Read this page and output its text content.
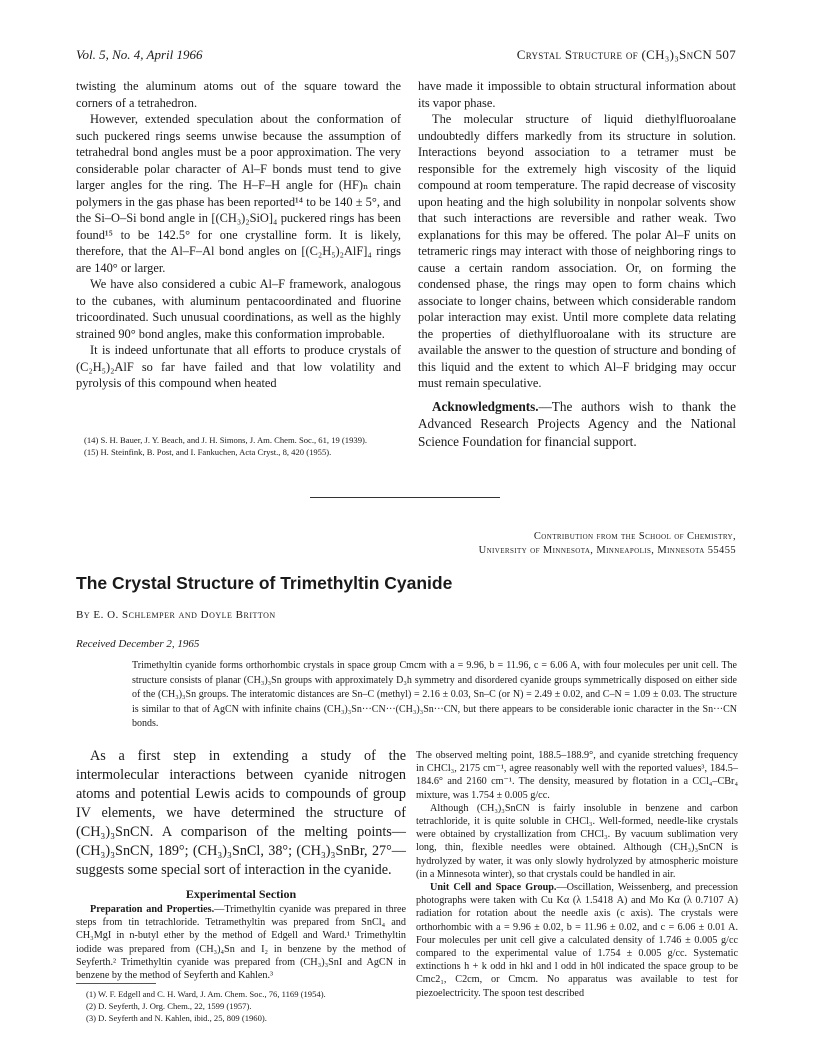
Vol. 5, No. 4, April 1966	Crystal Structure of (CH₃)₃SnCN 507

twisting the aluminum atoms out of the square toward the corners of a tetrahedron.

However, extended speculation about the conformation of such puckered rings seems unwise because the assumption of tetrahedral bond angles must be a poor approximation. The very considerable polar character of Al–F bonds must tend to give larger angles for the ring. The H–F–H angle for (HF)ₙ chain polymers in the gas phase has been reported¹⁴ to be 140 ± 5°, and the Si–O–Si bond angle in [(CH₃)₂SiO]₄ puckered rings has been found¹⁵ to be 142.5° for one crystalline form. It is likely, therefore, that the Al–F–Al bond angles on [(C₂H₅)₂AlF]₄ rings are 140° or larger.

We have also considered a cubic Al–F framework, analogous to the cubanes, with aluminum pentacoordinated and fluorine tricoordinated. Such unusual coordinations, as well as the highly strained 90° bond angles, make this conformation improbable.

It is indeed unfortunate that all efforts to produce crystals of (C₂H₅)₂AlF so far have failed and that low volatility and pyrolysis of this compound when heated

(14) S. H. Bauer, J. Y. Beach, and J. H. Simons, J. Am. Chem. Soc., 61, 19 (1939).

(15) H. Steinfink, B. Post, and I. Fankuchen, Acta Cryst., 8, 420 (1955).

have made it impossible to obtain structural information about its vapor phase.

The molecular structure of liquid diethylfluoroalane undoubtedly differs markedly from its structure in solution. Interactions beyond association to a tetramer must be responsible for the extremely high viscosity of the liquid compound at room temperature. The rapid decrease of viscosity upon heating and the high solubility in nonpolar solvents show that such interactions are reversible and rather weak. Two explanations for this may be offered. The polar Al–F units on tetrameric rings may interact with those of neighboring rings to cause a certain random association. Or, on forming the condensed phase, the rings may open to form chains which associate to longer chains, between which considerable random polar interaction may exist. Until more complete data relating the properties of diethylfluoroalane with its structure are available the answer to the question of structure and bonding of this liquid and the extent to which Al–F bridging may occur must remain speculative.

Acknowledgments.—The authors wish to thank the Advanced Research Projects Agency and the National Science Foundation for financial support.

Contribution from the School of Chemistry,
University of Minnesota, Minneapolis, Minnesota 55455
The Crystal Structure of Trimethyltin Cyanide
By E. O. Schlemper and Doyle Britton
Received December 2, 1965
Trimethyltin cyanide forms orthorhombic crystals in space group Cmcm with a = 9.96, b = 11.96, c = 6.06 A, with four molecules per unit cell. The structure consists of planar (CH₃)₃Sn groups with approximately D₃h symmetry and disordered cyanide groups symmetrically disposed on either side of the (CH₃)₃Sn groups. The interatomic distances are Sn–C (methyl) = 2.16 ± 0.03, Sn–C (or N) = 2.49 ± 0.02, and C–N = 1.09 ± 0.03. The structure is similar to that of AgCN with infinite chains (CH₃)₃Sn···CN···(CH₃)₃Sn···CN, but there appears to be considerable ionic character in the Sn···CN bonds.

As a first step in extending a study of the intermolecular interactions between cyanide nitrogen atoms and potential Lewis acids to compounds of group IV elements, we have determined the structure of (CH₃)₃SnCN. A comparison of the melting points—(CH₃)₃SnCN, 189°; (CH₃)₃SnCl, 38°; (CH₃)₃SnBr, 27°—suggests some special sort of interaction in the cyanide.

Experimental Section

Preparation and Properties.—Trimethyltin cyanide was prepared in three steps from tin tetrachloride. Tetramethyltin was prepared from SnCl₄ and CH₃MgI in n-butyl ether by the method of Edgell and Ward.¹ Trimethyltin iodide was prepared from (CH₃)₄Sn and I₂ in benzene by the method of Seyferth.² Trimethyltin cyanide was prepared from (CH₃)₃SnI and AgCN in benzene by the method of Seyferth and Kahlen.³

(1) W. F. Edgell and C. H. Ward, J. Am. Chem. Soc., 76, 1169 (1954).

(2) D. Seyferth, J. Org. Chem., 22, 1599 (1957).

(3) D. Seyferth and N. Kahlen, ibid., 25, 809 (1960).

The observed melting point, 188.5–188.9°, and cyanide stretching frequency in CHCl₃, 2175 cm⁻¹, agree reasonably well with the reported values³, 184.5–184.6° and 2160 cm⁻¹. The density, measured by flotation in a CCl₄–CBr₄ mixture, was 1.754 ± 0.005 g/cc.

Although (CH₃)₃SnCN is fairly insoluble in benzene and carbon tetrachloride, it is quite soluble in CHCl₃. Well-formed, needle-like crystals were obtained by crystallization from CHCl₃. By vacuum sublimation very long, thin, flexible needles were obtained. Although (CH₃)₃SnCN is hydrolyzed by water, it was only slowly hydrolyzed by atmospheric moisture (in a Minnesota winter), so that crystals could be handled in air.

Unit Cell and Space Group.—Oscillation, Weissenberg, and precession photographs were taken with Cu Kα (λ 1.5418 A) and Mo Kα (λ 0.7107 A) radiation for rotation about the needle axis (c axis). The crystals were orthorhombic with a = 9.96 ± 0.02, b = 11.96 ± 0.02, and c = 6.06 ± 0.01 A. Four molecules per unit cell give a calculated density of 1.746 ± 0.005 g/cc compared to the experimental value of 1.754 ± 0.005 g/cc. Systematic extinctions h + k odd in hkl and l odd in h0l indicated the space group to be Cmc2₁, C2cm, or Cmcm. No apparatus was available to test for piezoelectricity. The spoon test described
